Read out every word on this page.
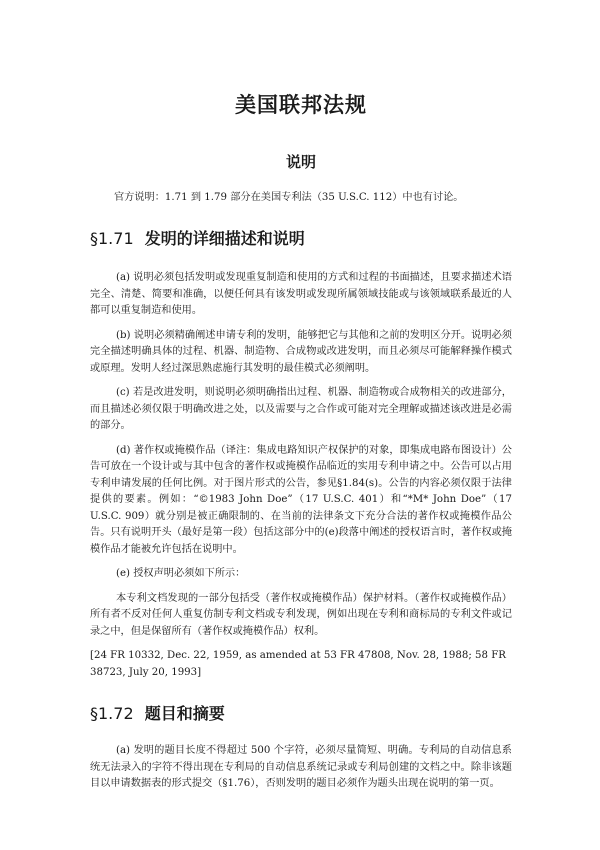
美国联邦法规
说明

官方说明：1.71 到 1.79 部分在美国专利法（35 U.S.C. 112）中也有讨论。

§1.71 发明的详细描述和说明

(a) 说明必须包括发明或发现重复制造和使用的方式和过程的书面描述，且要求描述术语完全、清楚、简要和准确，以便任何具有该发明或发现所属领域技能或与该领域联系最近的人都可以重复制造和使用。

(b) 说明必须精确阐述申请专利的发明，能够把它与其他和之前的发明区分开。说明必须完全描述明确具体的过程、机器、制造物、合成物或改进发明，而且必须尽可能解释操作模式或原理。发明人经过深思熟虑施行其发明的最佳模式必须阐明。

(c) 若是改进发明，则说明必须明确指出过程、机器、制造物或合成物相关的改进部分，而且描述必须仅限于明确改进之处，以及需要与之合作或可能对完全理解或描述该改进是必需的部分。

(d) 著作权或掩模作品（译注：集成电路知识产权保护的对象，即集成电路布图设计）公告可放在一个设计或与其中包含的著作权或掩模作品临近的实用专利申请之中。公告可以占用专利申请发展的任何比例。对于图片形式的公告，参见§1.84(s)。公告的内容必须仅限于法律提供的要素。例如：“©1983 John Doe”（17 U.S.C. 401）和“*M* John Doe”（17 U.S.C. 909）就分别是被正确限制的、在当前的法律条文下充分合法的著作权或掩模作品公告。只有说明开头（最好是第一段）包括这部分中的(e)段落中阐述的授权语言时，著作权或掩模作品才能被允许包括在说明中。

(e) 授权声明必须如下所示：

本专利文档发现的一部分包括受（著作权或掩模作品）保护材料。（著作权或掩模作品）所有者不反对任何人重复仿制专利文档或专利发现，例如出现在专利和商标局的专利文件或记录之中，但是保留所有（著作权或掩模作品）权利。

[24 FR 10332, Dec. 22, 1959, as amended at 53 FR 47808, Nov. 28, 1988; 58 FR 38723, July 20, 1993]

§1.72 题目和摘要

(a) 发明的题目长度不得超过 500 个字符，必须尽量简短、明确。专利局的自动信息系统无法录入的字符不得出现在专利局的自动信息系统记录或专利局创建的文档之中。除非该题目以申请数据表的形式提交（§1.76），否则发明的题目必须作为题头出现在说明的第一页。
